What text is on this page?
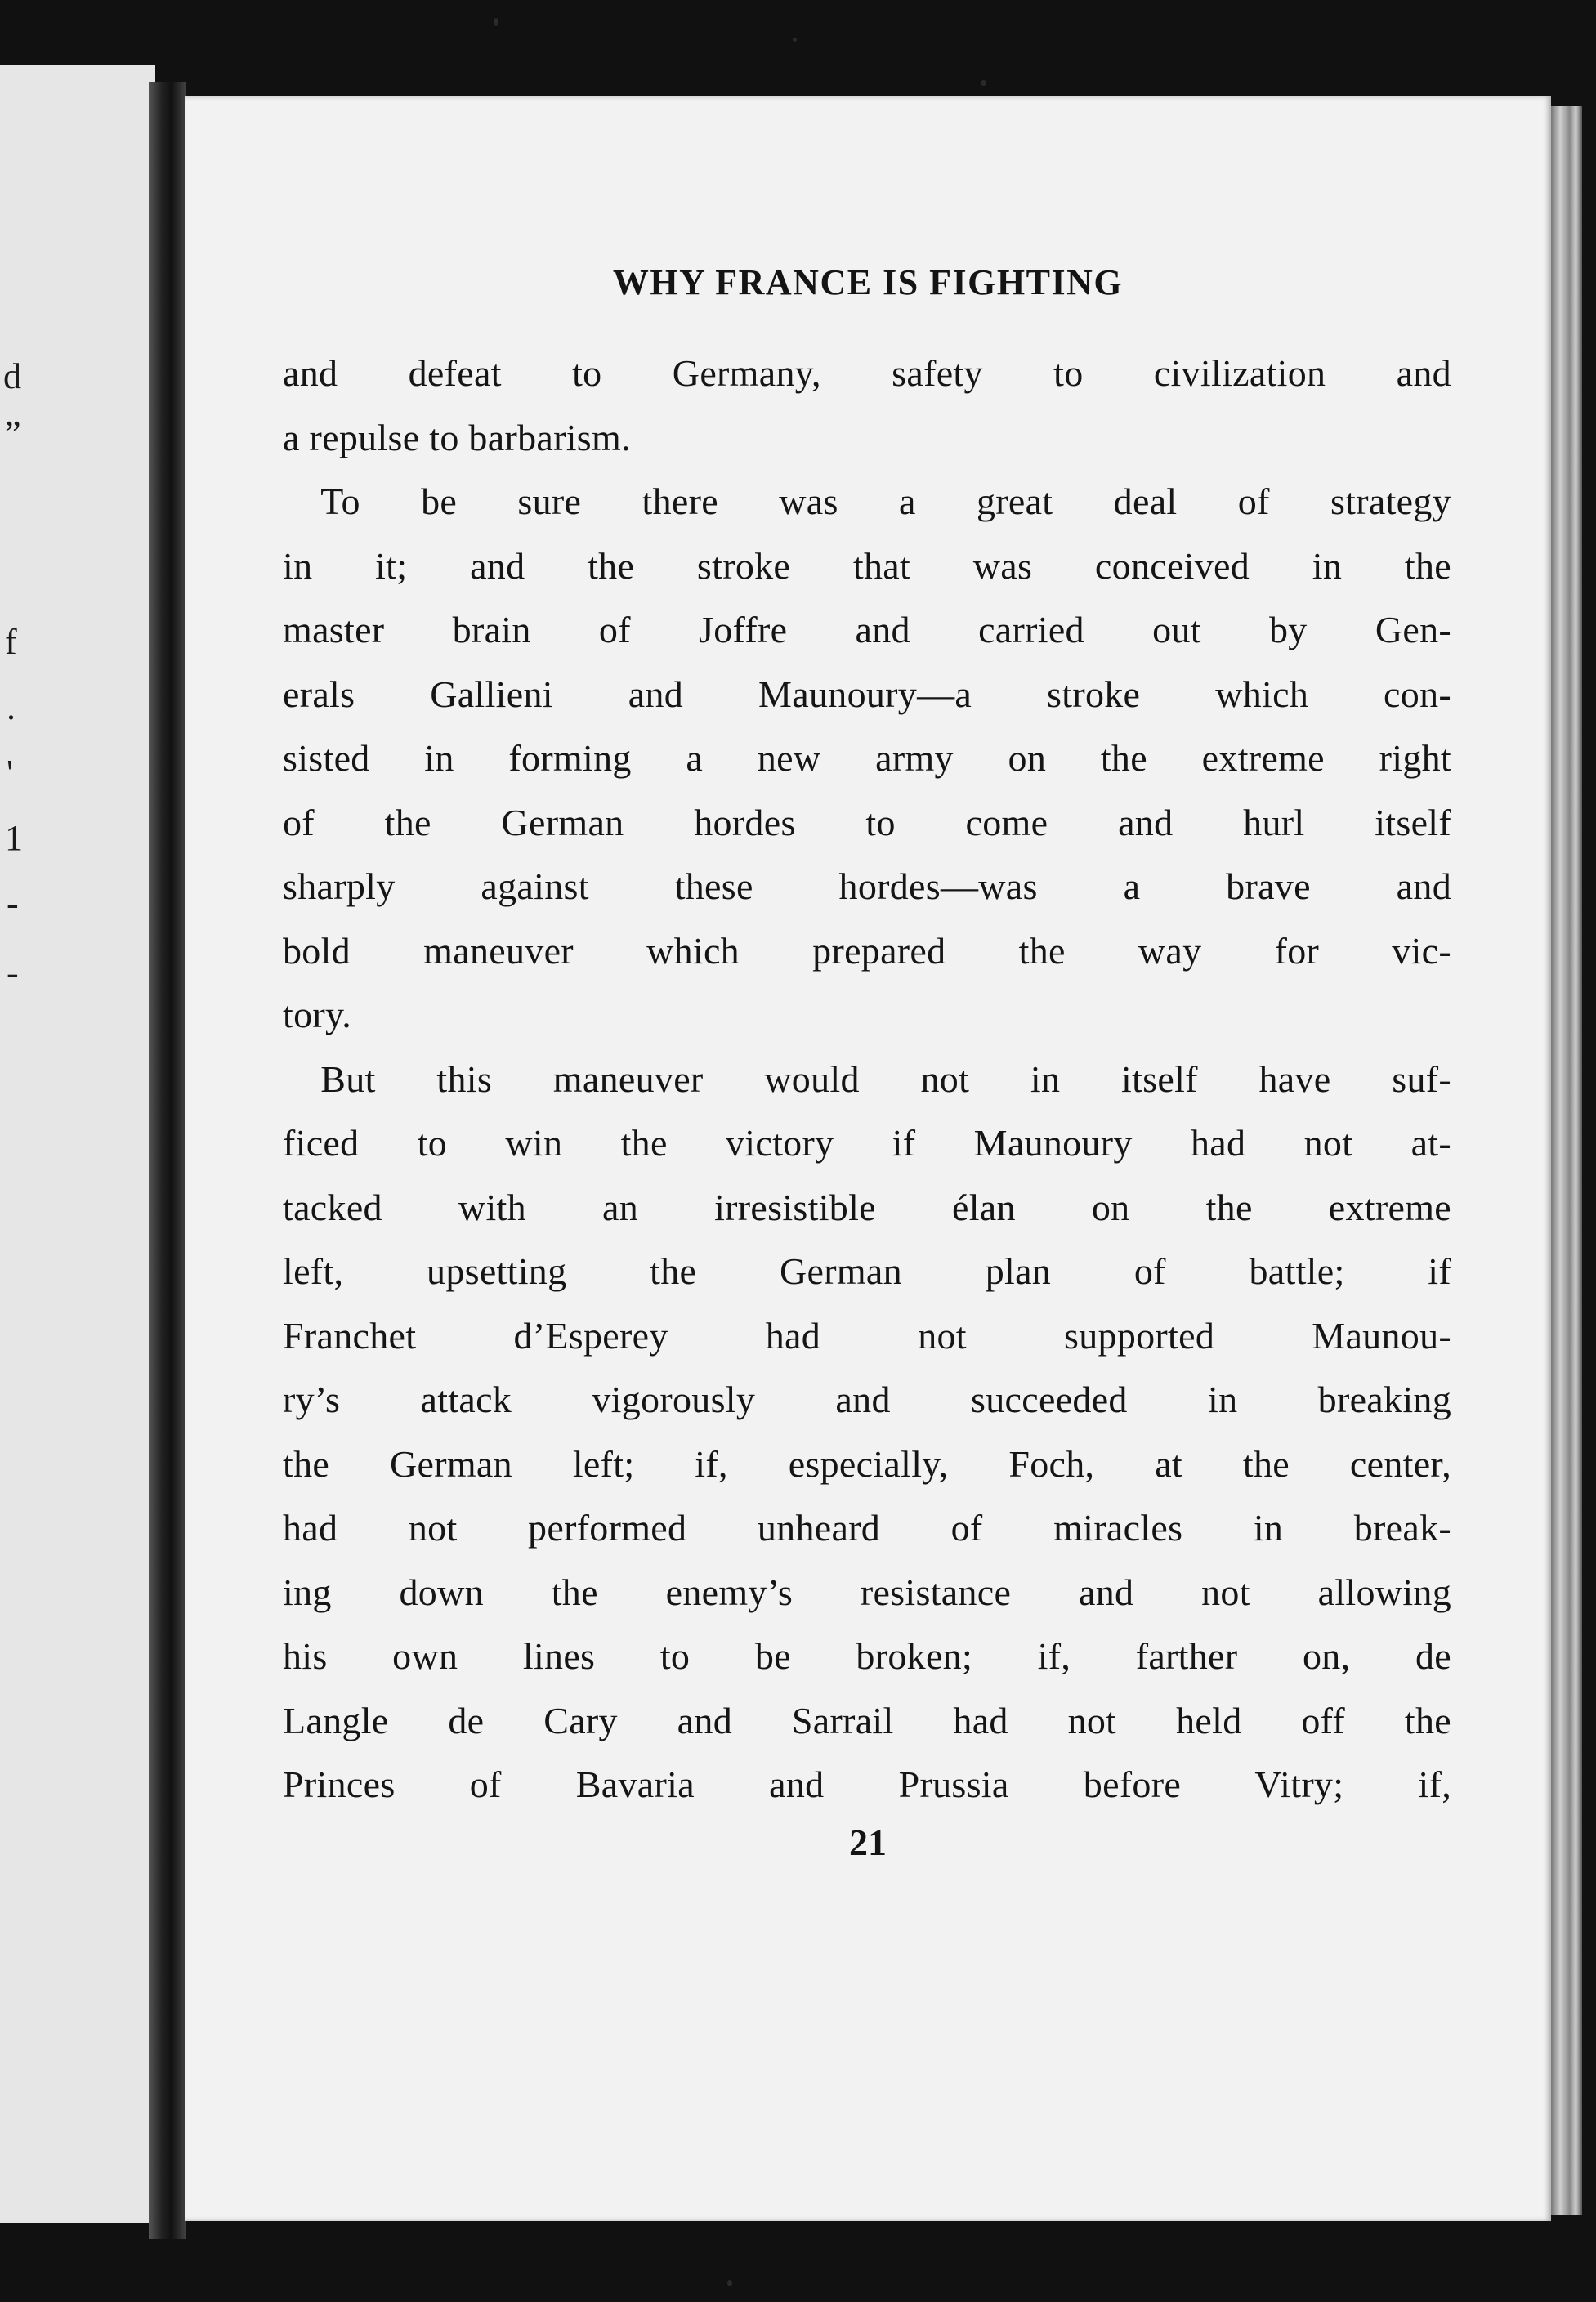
d
”
f
.
'
1
-
-
WHY FRANCE IS FIGHTING
and defeat to Germany, safety to civilization and
a repulse to barbarism.
 To be sure there was a great deal of strategy
in it; and the stroke that was conceived in the
master brain of Joffre and carried out by Gen-
erals Gallieni and Maunoury—a stroke which con-
sisted in forming a new army on the extreme right
of the German hordes to come and hurl itself
sharply against these hordes—was a brave and
bold maneuver which prepared the way for vic-
tory.
 But this maneuver would not in itself have suf-
ficed to win the victory if Maunoury had not at-
tacked with an irresistible élan on the extreme
left, upsetting the German plan of battle; if
Franchet d’Esperey had not supported Maunou-
ry’s attack vigorously and succeeded in breaking
the German left; if, especially, Foch, at the center,
had not performed unheard of miracles in break-
ing down the enemy’s resistance and not allowing
his own lines to be broken; if, farther on, de
Langle de Cary and Sarrail had not held off the
Princes of Bavaria and Prussia before Vitry; if,
21
